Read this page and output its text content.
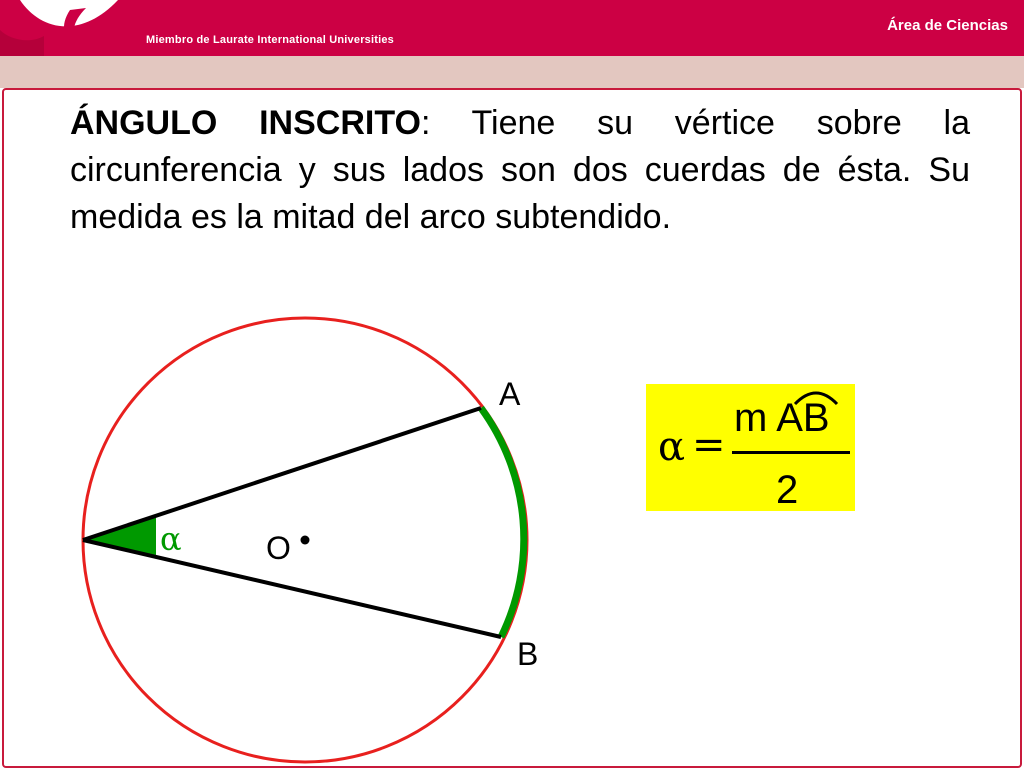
Miembro de Laurate International Universities
Área de Ciencias
ÁNGULO INSCRITO: Tiene su vértice sobre la circunferencia y sus lados son dos cuerdas de ésta. Su medida es la mitad del arco subtendido.
A
B
O
α
α =
m AB
2
